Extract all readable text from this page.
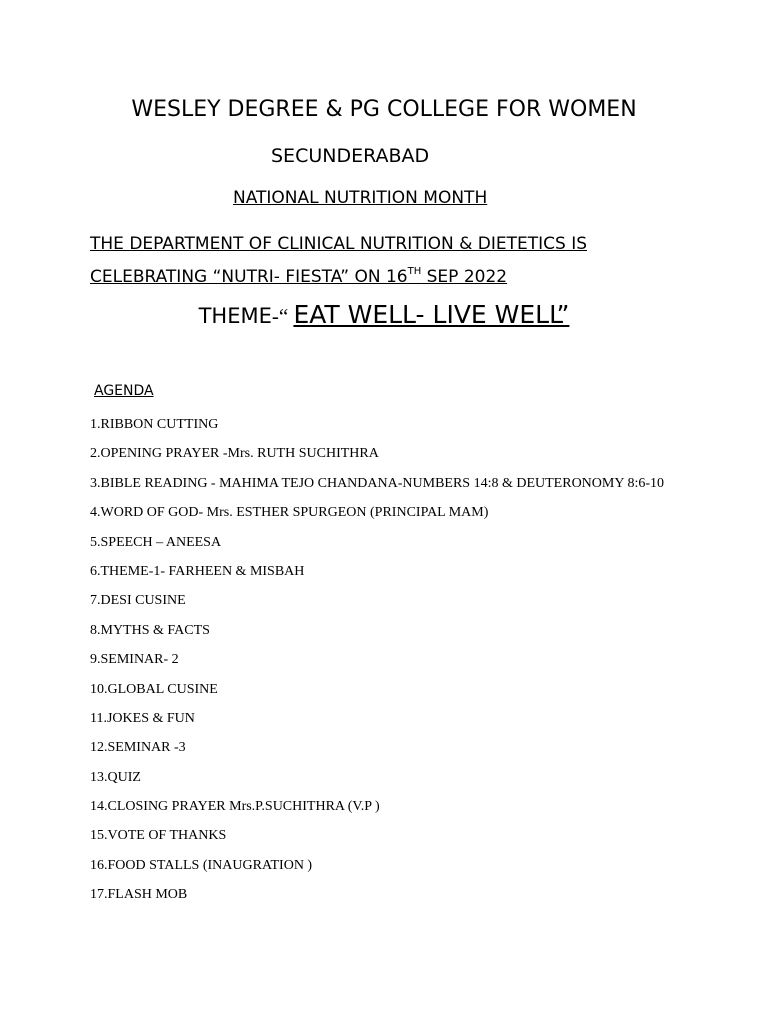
WESLEY DEGREE & PG COLLEGE FOR WOMEN
SECUNDERABAD
NATIONAL NUTRITION MONTH
THE DEPARTMENT OF CLINICAL NUTRITION & DIETETICS IS
CELEBRATING “NUTRI- FIESTA” ON 16TH SEP 2022
THEME-“ EAT WELL- LIVE WELL”
AGENDA
1.RIBBON CUTTING
2.OPENING PRAYER -Mrs. RUTH SUCHITHRA
3.BIBLE READING - MAHIMA TEJO CHANDANA-NUMBERS 14:8 & DEUTERONOMY 8:6-10
4.WORD OF GOD- Mrs. ESTHER SPURGEON (PRINCIPAL MAM)
5.SPEECH – ANEESA
6.THEME-1- FARHEEN & MISBAH
7.DESI CUSINE
8.MYTHS & FACTS
9.SEMINAR- 2
10.GLOBAL CUSINE
11.JOKES & FUN
12.SEMINAR -3
13.QUIZ
14.CLOSING PRAYER Mrs.P.SUCHITHRA (V.P )
15.VOTE OF THANKS
16.FOOD STALLS (INAUGRATION )
17.FLASH MOB
